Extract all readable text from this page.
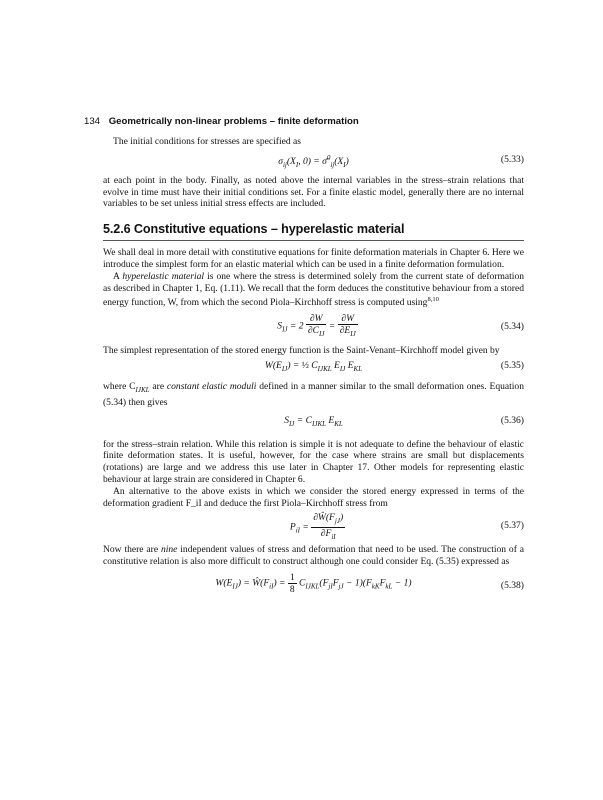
134 Geometrically non-linear problems – finite deformation

The initial conditions for stresses are specified as

$\sigma_{ij}(X_I$, $0) = \sigmā^0_{ij}(X_I)$	(5.33)

at each point in the body. Finally, as noted above the internal variables in the stress–strain relations that evolve in time must have their initial conditions set. For a finite elastic model, generally there are no internal variables to be set unless initial stress effects are included.

5.2.6 Constitutive equations – hyperelastic material

We shall deal in more detail with constitutive equations for finite deformation materials in Chapter 6. Here we introduce the simplest form for an elastic material which can be used in a finite deformation formulation.

A hyperelastic material is one where the stress is determined solely from the current state of deformation as described in Chapter 1, Eq. (1.11). We recall that the form deduces the constitutive behaviour from a stored energy function, W, from which the second Piola–Kirchhoff stress is computed using$^{8,10}$

$S_{IJ} = 2 \frac{\partial W}{\partial C_{IJ}} = \frac{\partial W}{\partial E_{IJ}}$	(5.34)

The simplest representation of the stored energy function is the Saint-Venant–Kirchhoff model given by

$W(E_{IJ})$ = ½ $C_{IJKL}$ $E_{IJ}$ $E_{KL}$	(5.35)

where $C_{IJKL}$ are constant elastic moduli defined in a manner similar to the small deformation ones. Equation (5.34) then gives

$S_{IJ} = C_{IJKL}$ $E_{KL}$	(5.36)

for the stress–strain relation. While this relation is simple it is not adequate to define the behaviour of elastic finite deformation states. It is useful, however, for the case where strains are small but displacements (rotations) are large and we address this use later in Chapter 17. Other models for representing elastic behaviour at large strain are considered in Chapter 6.

An alternative to the above exists in which we consider the stored energy expressed in terms of the deformation gradient F_iI and deduce the first Piola–Kirchhoff stress from

$P_{iI} = \frac{\partial Ŵ(F_{jJ})}{\partial F_{iI}}$	(5.37)

Now there are nine independent values of stress and deformation that need to be used. The construction of a constitutive relation is also more difficult to construct although one could consider Eq. (5.35) expressed as

$W(E_{IJ})$ = $Ŵ(F_{iI}) = \frac{1}{8} C_{IJKL}(F_{jI}F_{jJ} - 1)(F_{kK}F_{kL} - 1)$	(5.38)
